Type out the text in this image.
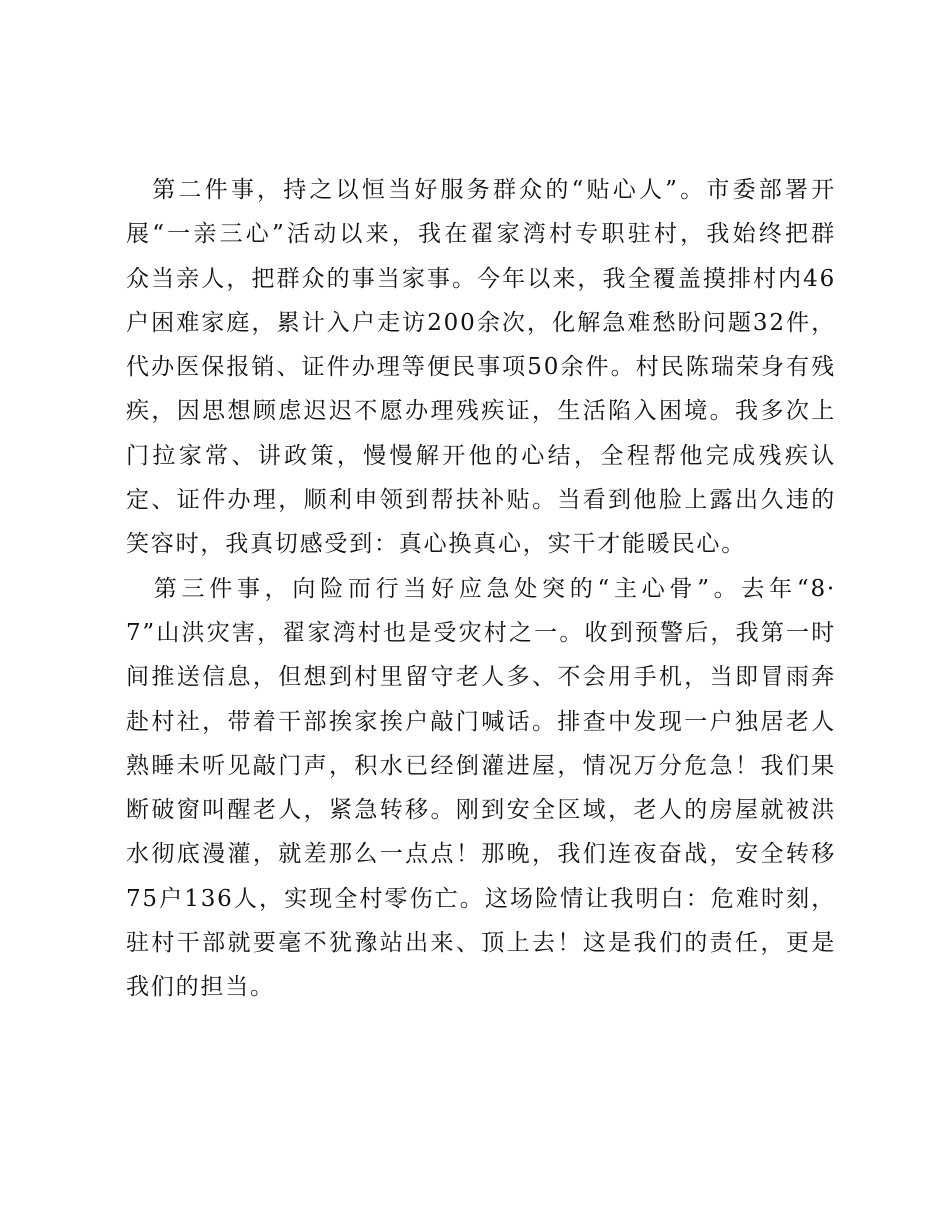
　第二件事，持之以恒当好服务群众的“贴心人”。市委部署开
展“一亲三心”活动以来，我在翟家湾村专职驻村，我始终把群
众当亲人，把群众的事当家事。今年以来，我全覆盖摸排村内46
户困难家庭，累计入户走访200余次，化解急难愁盼问题32件，
代办医保报销、证件办理等便民事项50余件。村民陈瑞荣身有残
疾，因思想顾虑迟迟不愿办理残疾证，生活陷入困境。我多次上
门拉家常、讲政策，慢慢解开他的心结，全程帮他完成残疾认
定、证件办理，顺利申领到帮扶补贴。当看到他脸上露出久违的
笑容时，我真切感受到：真心换真心，实干才能暖民心。
　第三件事，向险而行当好应急处突的“主心骨”。去年“8·
7”山洪灾害，翟家湾村也是受灾村之一。收到预警后，我第一时
间推送信息，但想到村里留守老人多、不会用手机，当即冒雨奔
赴村社，带着干部挨家挨户敲门喊话。排查中发现一户独居老人
熟睡未听见敲门声，积水已经倒灌进屋，情况万分危急！我们果
断破窗叫醒老人，紧急转移。刚到安全区域，老人的房屋就被洪
水彻底漫灌，就差那么一点点！那晚，我们连夜奋战，安全转移
75户136人，实现全村零伤亡。这场险情让我明白：危难时刻，
驻村干部就要毫不犹豫站出来、顶上去！这是我们的责任，更是
我们的担当。
